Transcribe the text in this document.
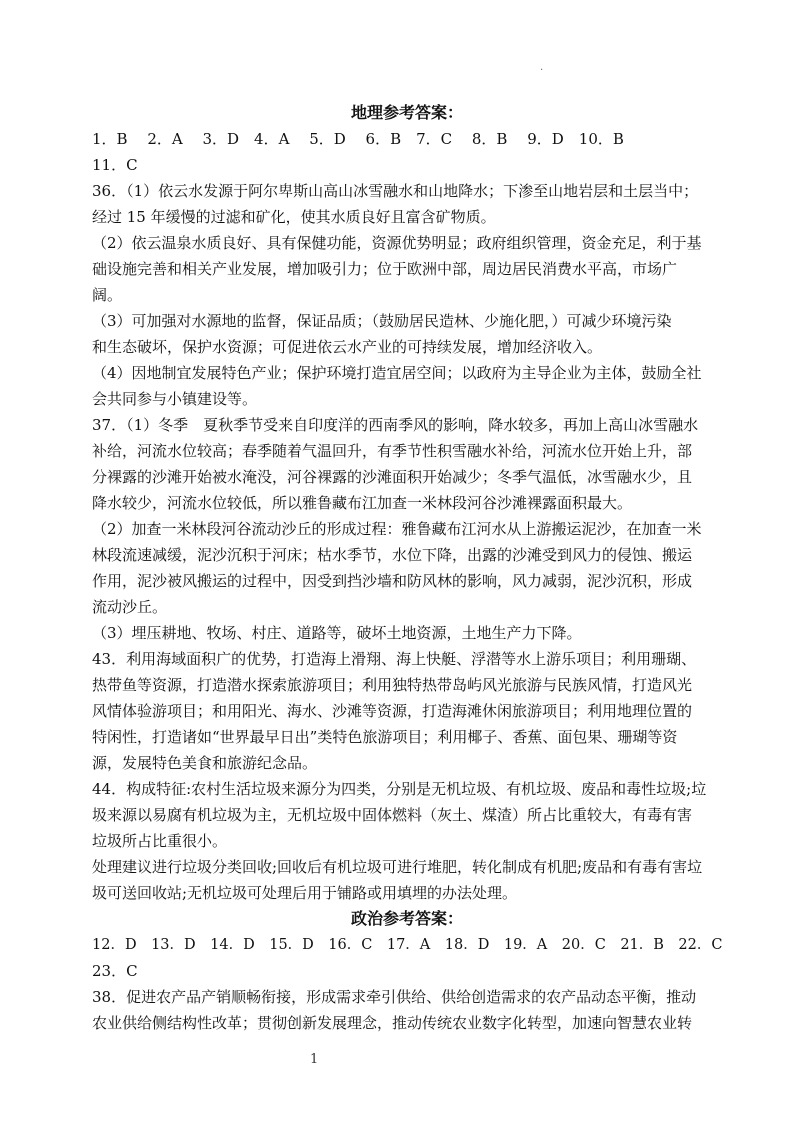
.
地理参考答案：
1．B　 2．A　 3．D　4．A　 5．D　 6．B　7．C　 8．B　 9．D　10．B
11．C
36．（1）依云水发源于阿尔卑斯山高山冰雪融水和山地降水；下渗至山地岩层和土层当中；
经过 15 年缓慢的过滤和矿化，使其水质良好且富含矿物质。
（2）依云温泉水质良好、具有保健功能，资源优势明显；政府组织管理，资金充足，利于基
础设施完善和相关产业发展，增加吸引力；位于欧洲中部，周边居民消费水平高，市场广
阔。
（3）可加强对水源地的监督，保证品质；（鼓励居民造林、少施化肥，）可减少环境污染
和生态破坏，保护水资源；可促进依云水产业的可持续发展，增加经济收入。
（4）因地制宜发展特色产业；保护环境打造宜居空间；以政府为主导企业为主体，鼓励全社
会共同参与小镇建设等。
37．（1）冬季　夏秋季节受来自印度洋的西南季风的影响，降水较多，再加上高山冰雪融水
补给，河流水位较高；春季随着气温回升，有季节性积雪融水补给，河流水位开始上升，部
分裸露的沙滩开始被水淹没，河谷裸露的沙滩面积开始减少；冬季气温低，冰雪融水少，且
降水较少，河流水位较低，所以雅鲁藏布江加查一米林段河谷沙滩裸露面积最大。
（2）加查一米林段河谷流动沙丘的形成过程：雅鲁藏布江河水从上游搬运泥沙，在加查一米
林段流速减缓，泥沙沉积于河床；枯水季节，水位下降，出露的沙滩受到风力的侵蚀、搬运
作用，泥沙被风搬运的过程中，因受到挡沙墙和防风林的影响，风力减弱，泥沙沉积，形成
流动沙丘。
（3）埋压耕地、牧场、村庄、道路等，破坏土地资源，土地生产力下降。
43．利用海域面积广的优势，打造海上滑翔、海上快艇、浮潜等水上游乐项目；利用珊瑚、
热带鱼等资源，打造潜水探索旅游项目；利用独特热带岛屿风光旅游与民族风情，打造风光
风情体验游项目；和用阳光、海水、沙滩等资源，打造海滩休闲旅游项目；利用地理位置的
特闲性，打造诸如“世界最早日出”类特色旅游项目；利用椰子、香蕉、面包果、珊瑚等资
源，发展特色美食和旅游纪念品。
44．构成特征:农村生活垃圾来源分为四类，分别是无机垃圾、有机垃圾、废品和毒性垃圾;垃
圾来源以易腐有机垃圾为主，无机垃圾中固体燃料（灰土、煤渣）所占比重较大，有毒有害
垃圾所占比重很小。
处理建议进行垃圾分类回收;回收后有机垃圾可进行堆肥，转化制成有机肥;废品和有毒有害垃
圾可送回收站;无机垃圾可处理后用于铺路或用填埋的办法处理。
政治参考答案：
12．D　13．D　14．D　15．D　16．C　17．A　18．D　19．A　20．C　21．B　22．C
23．C
38．促进农产品产销顺畅衔接，形成需求牵引供给、供给创造需求的农产品动态平衡，推动
农业供给侧结构性改革；贯彻创新发展理念，推动传统农业数字化转型，加速向智慧农业转
1
